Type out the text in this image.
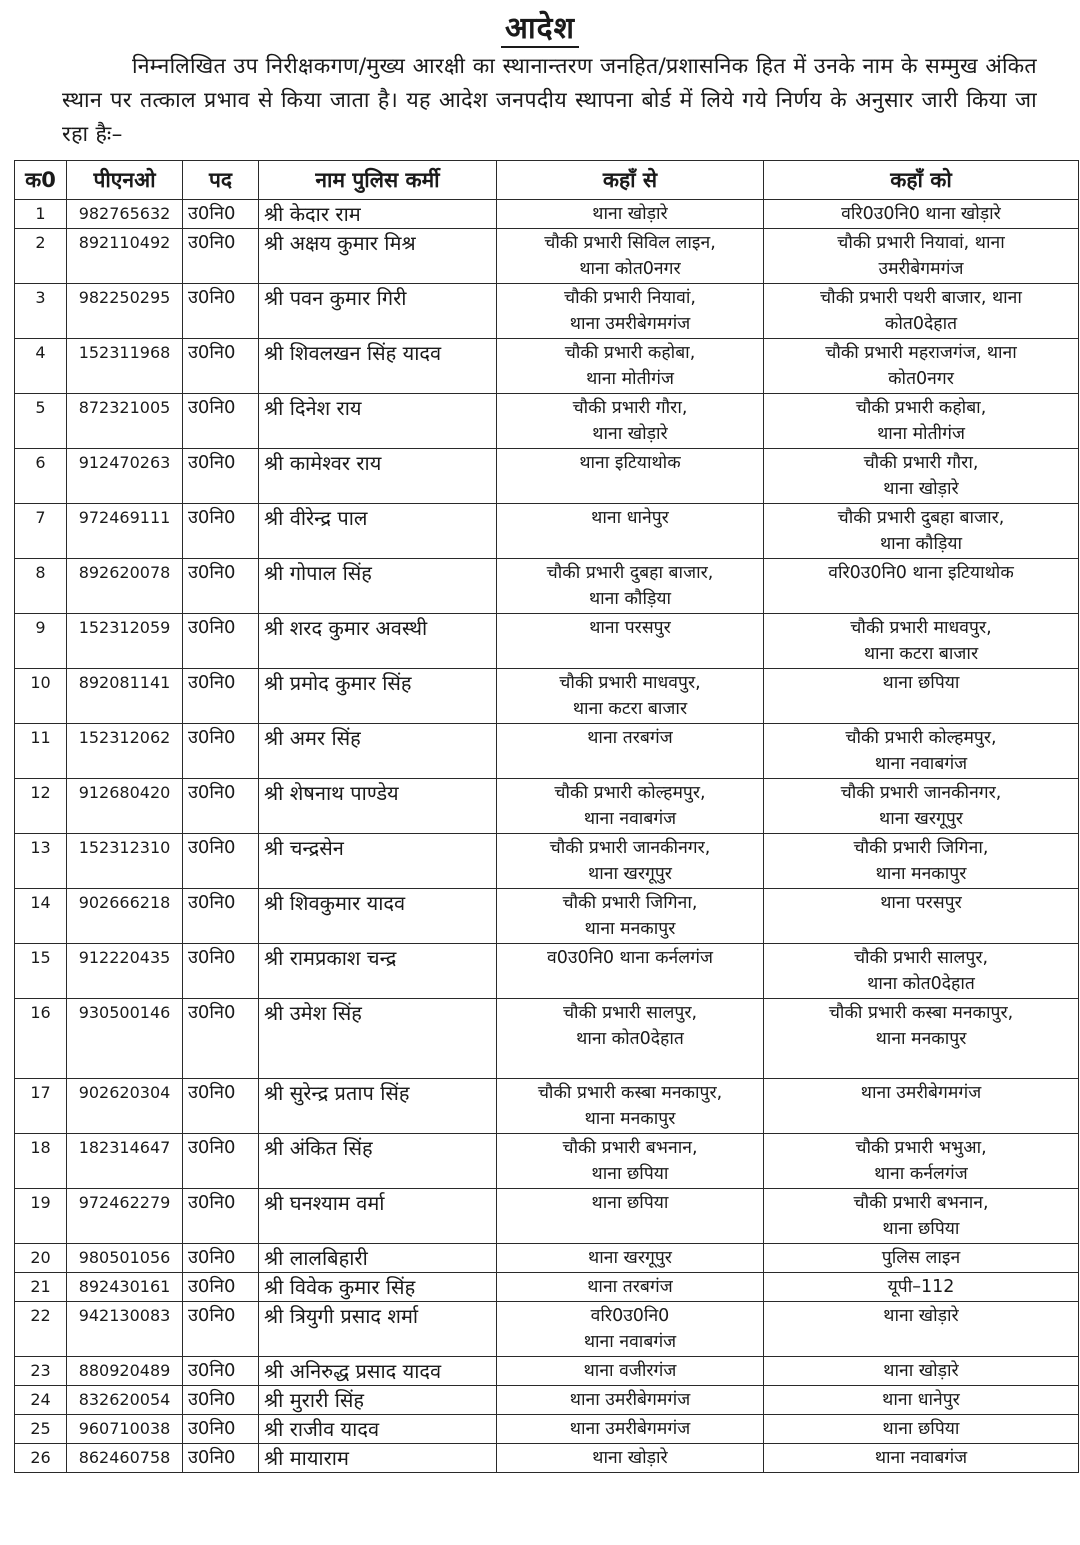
आदेश
निम्नलिखित उप निरीक्षकगण/मुख्य आरक्षी का स्थानान्तरण जनहित/प्रशासनिक हित में उनके नाम के सम्मुख अंकित स्थान पर तत्काल प्रभाव से किया जाता है। यह आदेश जनपदीय स्थापना बोर्ड में लिये गये निर्णय के अनुसार जारी किया जा रहा हैः–
क0	पीएनओ	पद	नाम पुलिस कर्मी	कहाँ से	कहाँ को
1	982765632	उ0नि0	श्री केदार राम	थाना खोड़ारे	वरि0उ0नि0 थाना खोड़ारे

2	892110492	उ0नि0	श्री अक्षय कुमार मिश्र	चौकी प्रभारी सिविल लाइन,
थाना कोत0नगर	चौकी प्रभारी नियावां, थाना
उमरीबेगमगंज

3	982250295	उ0नि0	श्री पवन कुमार गिरी	चौकी प्रभारी नियावां,
थाना उमरीबेगमगंज	चौकी प्रभारी पथरी बाजार, थाना
कोत0देहात

4	152311968	उ0नि0	श्री शिवलखन सिंह यादव	चौकी प्रभारी कहोबा,
थाना मोतीगंज	चौकी प्रभारी महराजगंज, थाना
कोत0नगर

5	872321005	उ0नि0	श्री दिनेश राय	चौकी प्रभारी गौरा,
थाना खोड़ारे	चौकी प्रभारी कहोबा,
थाना मोतीगंज

6	912470263	उ0नि0	श्री कामेश्वर राय	थाना इटियाथोक	चौकी प्रभारी गौरा,
थाना खोड़ारे

7	972469111	उ0नि0	श्री वीरेन्द्र पाल	थाना धानेपुर	चौकी प्रभारी दुबहा बाजार,
थाना कौड़िया

8	892620078	उ0नि0	श्री गोपाल सिंह	चौकी प्रभारी दुबहा बाजार,
थाना कौड़िया	वरि0उ0नि0 थाना इटियाथोक

9	152312059	उ0नि0	श्री शरद कुमार अवस्थी	थाना परसपुर	चौकी प्रभारी माधवपुर,
थाना कटरा बाजार

10	892081141	उ0नि0	श्री प्रमोद कुमार सिंह	चौकी प्रभारी माधवपुर,
थाना कटरा बाजार	थाना छपिया

11	152312062	उ0नि0	श्री अमर सिंह	थाना तरबगंज	चौकी प्रभारी कोल्हमपुर,
थाना नवाबगंज

12	912680420	उ0नि0	श्री शेषनाथ पाण्डेय	चौकी प्रभारी कोल्हमपुर,
थाना नवाबगंज	चौकी प्रभारी जानकीनगर,
थाना खरगूपुर

13	152312310	उ0नि0	श्री चन्द्रसेन	चौकी प्रभारी जानकीनगर,
थाना खरगूपुर	चौकी प्रभारी जिगिना,
थाना मनकापुर

14	902666218	उ0नि0	श्री शिवकुमार यादव	चौकी प्रभारी जिगिना,
थाना मनकापुर	थाना परसपुर

15	912220435	उ0नि0	श्री रामप्रकाश चन्द्र	व0उ0नि0 थाना कर्नलगंज	चौकी प्रभारी सालपुर,
थाना कोत0देहात

16	930500146	उ0नि0	श्री उमेश सिंह	चौकी प्रभारी सालपुर,
थाना कोत0देहात	चौकी प्रभारी कस्बा मनकापुर,
थाना मनकापुर

17	902620304	उ0नि0	श्री सुरेन्द्र प्रताप सिंह	चौकी प्रभारी कस्बा मनकापुर,
थाना मनकापुर	थाना उमरीबेगमगंज

18	182314647	उ0नि0	श्री अंकित सिंह	चौकी प्रभारी बभनान,
थाना छपिया	चौकी प्रभारी भभुआ,
थाना कर्नलगंज

19	972462279	उ0नि0	श्री घनश्याम वर्मा	थाना छपिया	चौकी प्रभारी बभनान,
थाना छपिया

20	980501056	उ0नि0	श्री लालबिहारी	थाना खरगूपुर	पुलिस लाइन

21	892430161	उ0नि0	श्री विवेक कुमार सिंह	थाना तरबगंज	यूपी–112

22	942130083	उ0नि0	श्री त्रियुगी प्रसाद शर्मा	वरि0उ0नि0
थाना नवाबगंज	थाना खोड़ारे

23	880920489	उ0नि0	श्री अनिरुद्ध प्रसाद यादव	थाना वजीरगंज	थाना खोड़ारे

24	832620054	उ0नि0	श्री मुरारी सिंह	थाना उमरीबेगमगंज	थाना धानेपुर

25	960710038	उ0नि0	श्री राजीव यादव	थाना उमरीबेगमगंज	थाना छपिया

26	862460758	उ0नि0	श्री मायाराम	थाना खोड़ारे	थाना नवाबगंज
